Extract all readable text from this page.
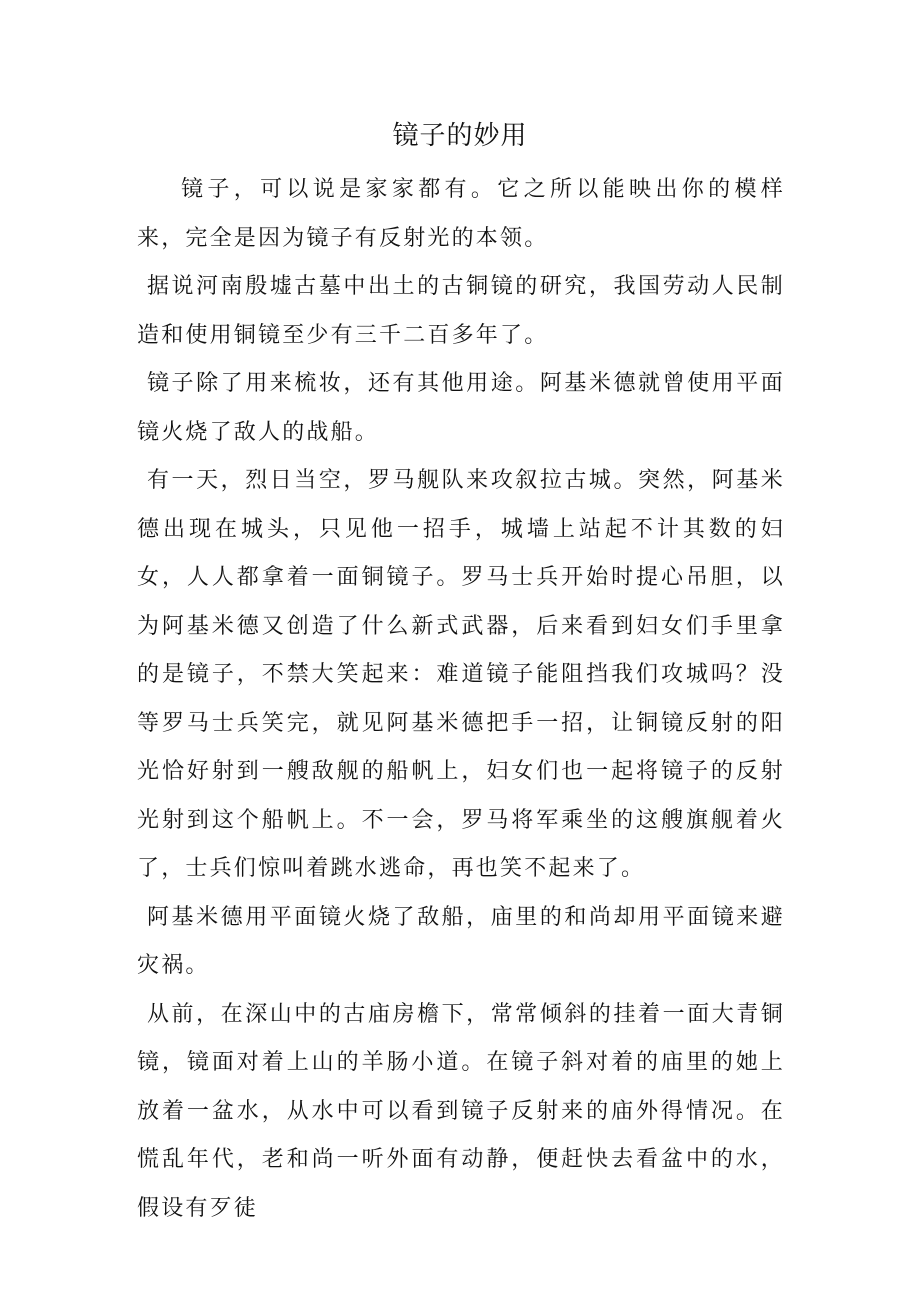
镜子的妙用

镜子，可以说是家家都有。它之所以能映出你的模样来，完全是因为镜子有反射光的本领。

据说河南殷墟古墓中出土的古铜镜的研究，我国劳动人民制造和使用铜镜至少有三千二百多年了。

镜子除了用来梳妆，还有其他用途。阿基米德就曾使用平面镜火烧了敌人的战船。

有一天，烈日当空，罗马舰队来攻叙拉古城。突然，阿基米德出现在城头，只见他一招手，城墙上站起不计其数的妇女，人人都拿着一面铜镜子。罗马士兵开始时提心吊胆，以为阿基米德又创造了什么新式武器，后来看到妇女们手里拿的是镜子，不禁大笑起来：难道镜子能阻挡我们攻城吗？没等罗马士兵笑完，就见阿基米德把手一招，让铜镜反射的阳光恰好射到一艘敌舰的船帆上，妇女们也一起将镜子的反射光射到这个船帆上。不一会，罗马将军乘坐的这艘旗舰着火了，士兵们惊叫着跳水逃命，再也笑不起来了。

阿基米德用平面镜火烧了敌船，庙里的和尚却用平面镜来避灾祸。

从前，在深山中的古庙房檐下，常常倾斜的挂着一面大青铜镜，镜面对着上山的羊肠小道。在镜子斜对着的庙里的她上放着一盆水，从水中可以看到镜子反射来的庙外得情况。在慌乱年代，老和尚一听外面有动静，便赶快去看盆中的水，假设有歹徒
